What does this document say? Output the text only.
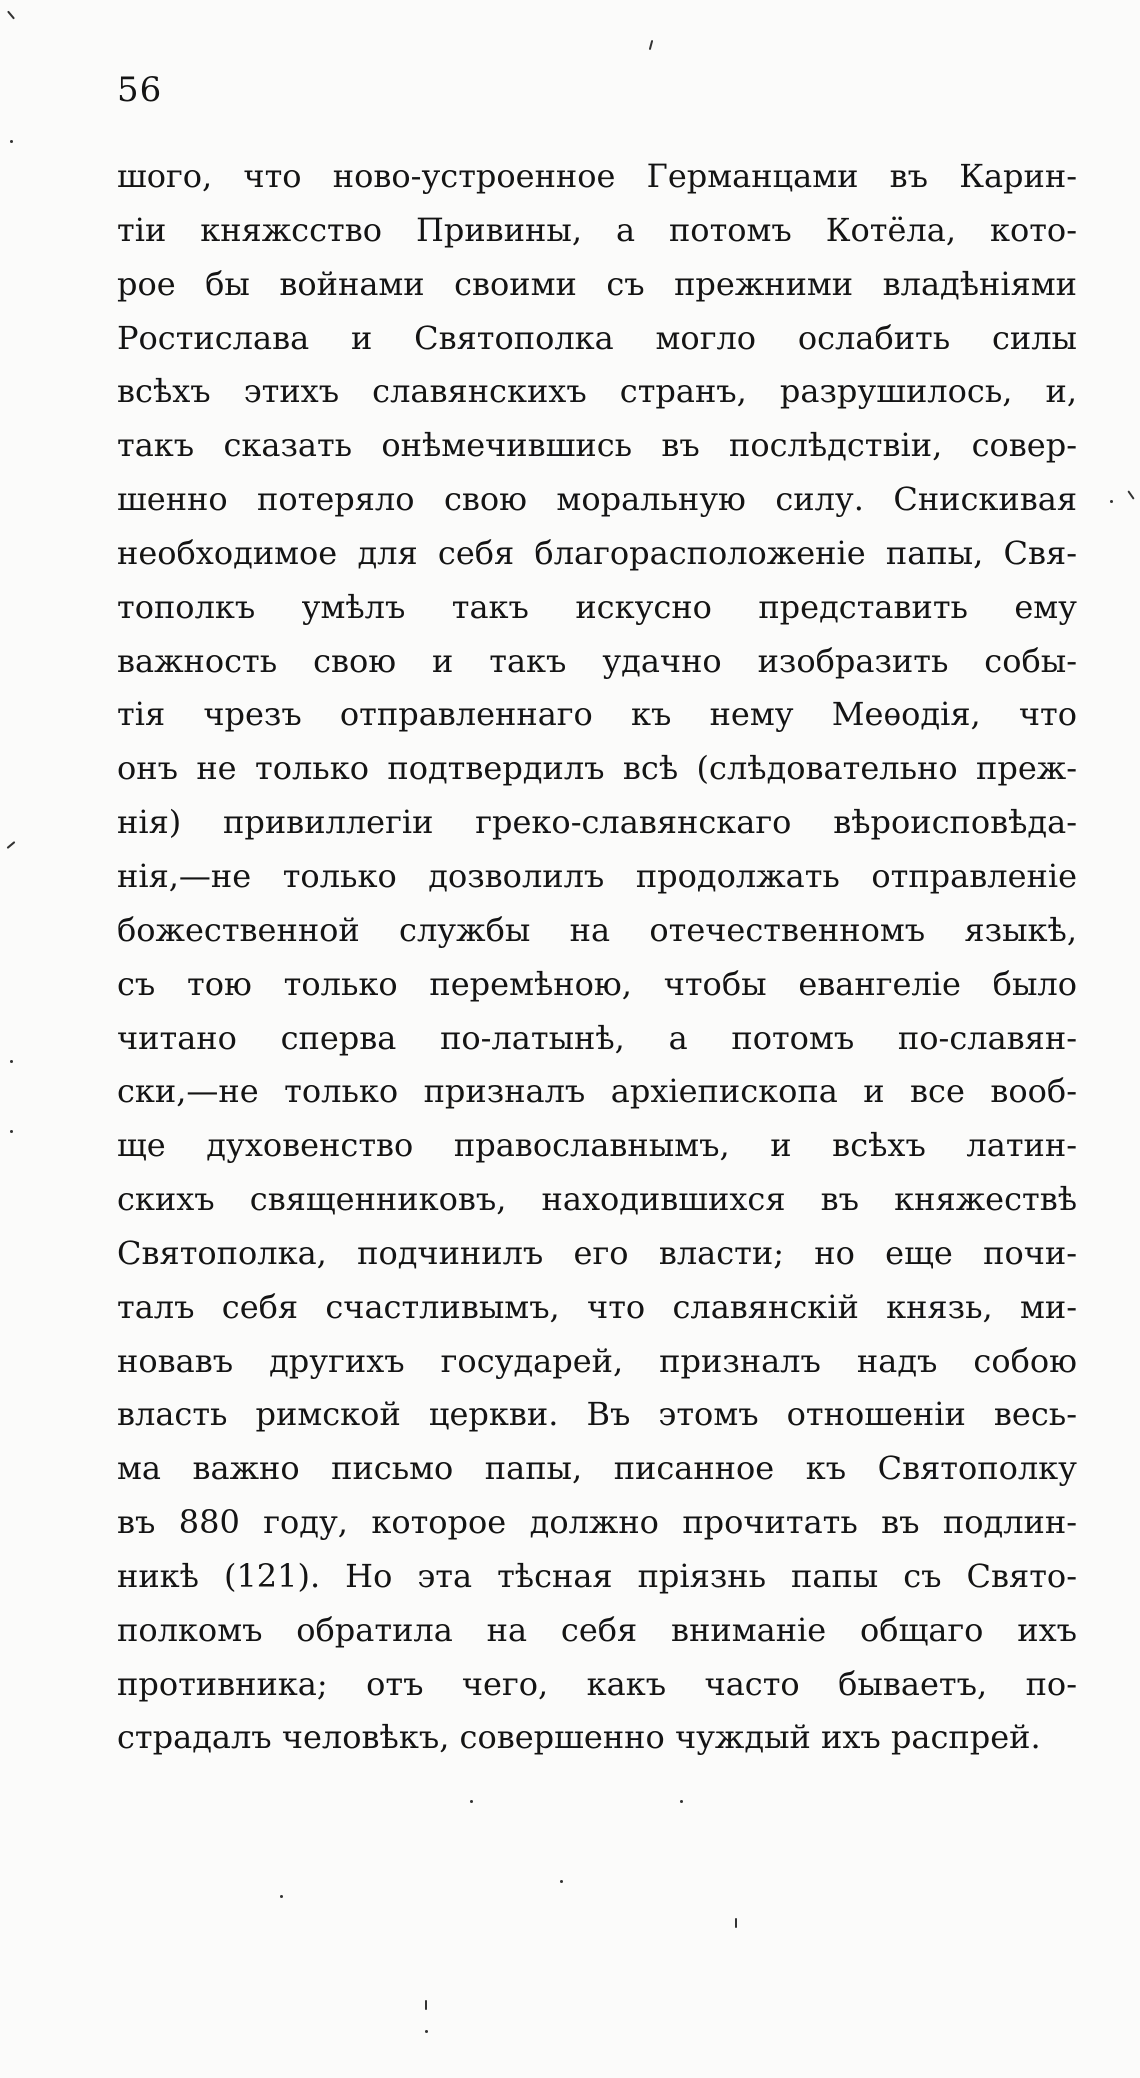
56
шого, что ново-устроенное Германцами въ Карин-
тіи княжсство Привины, а потомъ Котёла, кото-
рое бы войнами своими съ прежними владѣніями
Ростислава и Святополка могло ослабить силы
всѣхъ этихъ славянскихъ странъ, разрушилось, и,
такъ сказать онѣмечившись въ послѣдствіи, совер-
шенно потеряло свою моральную силу. Снискивая
необходимое для себя благорасположеніе папы, Свя-
тополкъ умѣлъ такъ искусно представить ему
важность свою и такъ удачно изобразить собы-
тія чрезъ отправленнаго къ нему Меѳодія, что
онъ не только подтвердилъ всѣ (слѣдовательно преж-
нія) привиллегіи греко-славянскаго вѣроисповѣда-
нія,—не только дозволилъ продолжать отправленіе
божественной службы на отечественномъ языкѣ,
съ тою только перемѣною, чтобы евангеліе было
читано сперва по-латынѣ, а потомъ по-славян-
ски,—не только призналъ архіепископа и все вооб-
ще духовенство православнымъ, и всѣхъ латин-
скихъ священниковъ, находившихся въ княжествѣ
Святополка, подчинилъ его власти; но еще почи-
талъ себя счастливымъ, что славянскій князь, ми-
новавъ другихъ государей, призналъ надъ собою
власть римской церкви. Въ этомъ отношеніи весь-
ма важно письмо папы, писанное къ Святополку
въ 880 году, которое должно прочитать въ подлин-
никѣ (121). Но эта тѣсная пріязнь папы съ Свято-
полкомъ обратила на себя вниманіе общаго ихъ
противника; отъ чего, какъ часто бываетъ, по-
страдалъ человѣкъ, совершенно чуждый ихъ распрей.
